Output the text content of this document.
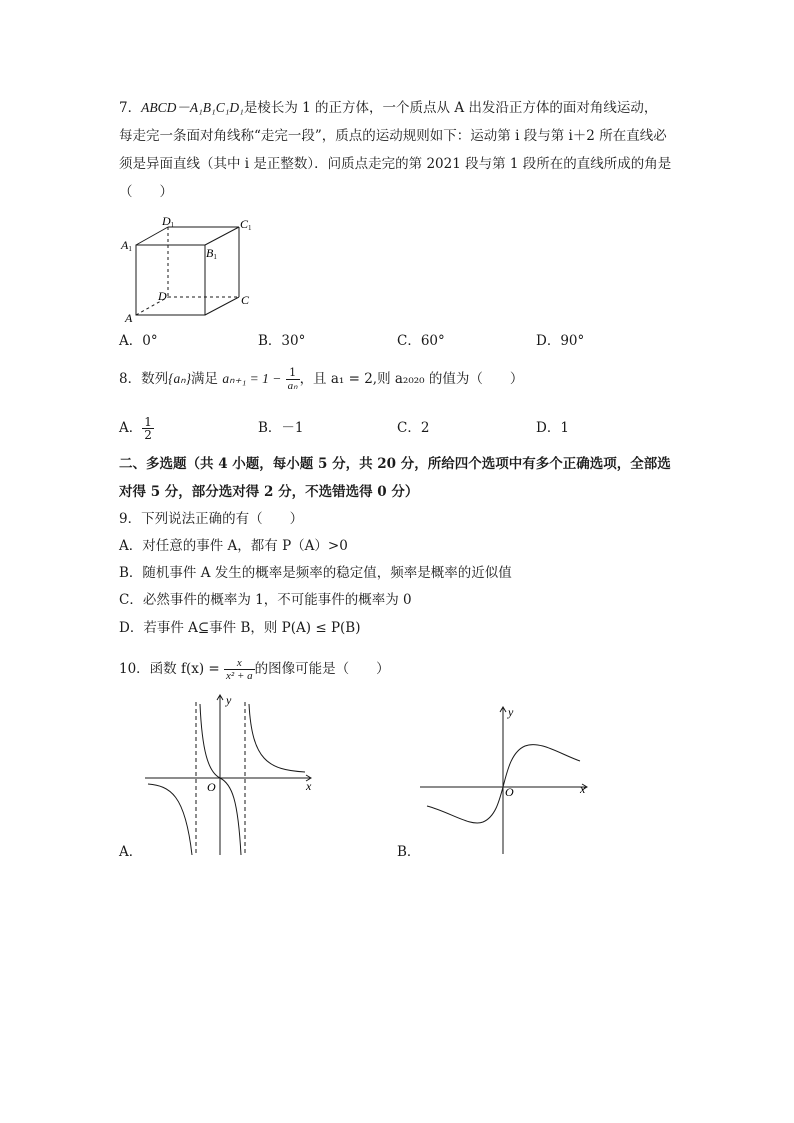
7．ABCD－A₁B₁C₁D₁是棱长为 1 的正方体，一个质点从 A 出发沿正方体的面对角线运动，
每走完一条面对角线称“走完一段”，质点的运动规则如下：运动第 i 段与第 i＋2 所在直线必
须是异面直线（其中 i 是正整数）．问质点走完的第 2021 段与第 1 段所在的直线所成的角是
（　　）
A1
D1	C1
B1
D	C
A
A．0°	B．30°	C．60°	D．90°
8．数列{aₙ}满足 $a_{n+1} = 1 - \frac{1}{\text{aₙ}}$ ，且 a₁ = 2,则 a₂₀₂₀ 的值为（　　）
A． $\frac{1}{2}$	B．－1	C．2	D．1
二、多选题（共 4 小题，每小题 5 分，共 20 分，所给四个选项中有多个正确选项，全部选
对得 5 分，部分选对得 2 分，不选错选得 0 分）
9．下列说法正确的有（　　）
A．对任意的事件 A，都有 P（A）>0
B．随机事件 A 发生的概率是频率的稳定值，频率是概率的近似值
C．必然事件的概率为 1，不可能事件的概率为 0
D．若事件 A⊆事件 B，则 P(A) ≤ P(B)
10．函数 $f(x) = \frac{x}{\text{x² + a}}$ 的图像可能是（　　）
y
x
O
A．
y
x
O
B．
